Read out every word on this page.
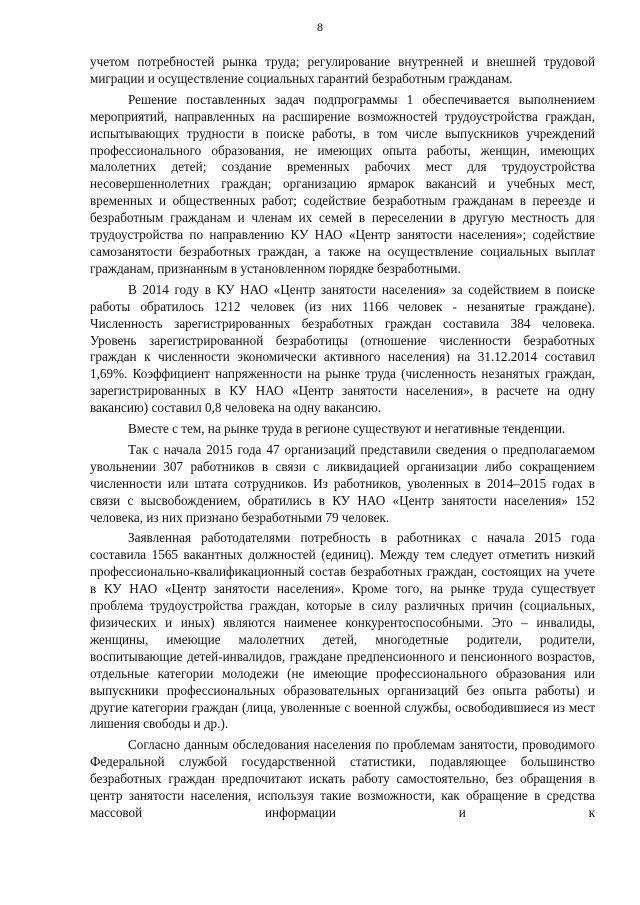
8

учетом потребностей рынка труда; регулирование внутренней и внешней трудовой миграции и осуществление социальных гарантий безработным гражданам.

Решение поставленных задач подпрограммы 1 обеспечивается выполнением мероприятий, направленных на расширение возможностей трудоустройства граждан, испытывающих трудности в поиске работы, в том числе выпускников учреждений профессионального образования, не имеющих опыта работы, женщин, имеющих малолетних детей; создание временных рабочих мест для трудоустройства несовершеннолетних граждан; организацию ярмарок вакансий и учебных мест, временных и общественных работ; содействие безработным гражданам в переезде и безработным гражданам и членам их семей в переселении в другую местность для трудоустройства по направлению КУ НАО «Центр занятости населения»; содействие самозанятости безработных граждан, а также на осуществление социальных выплат гражданам, признанным в установленном порядке безработными.

В 2014 году в КУ НАО «Центр занятости населения» за содействием в поиске работы обратилось 1212 человек (из них 1166 человек - незанятые граждане). Численность зарегистрированных безработных граждан составила 384 человека. Уровень зарегистрированной безработицы (отношение численности безработных граждан к численности экономически активного населения) на 31.12.2014 составил 1,69%. Коэффициент напряженности на рынке труда (численность незанятых граждан, зарегистрированных в КУ НАО «Центр занятости населения», в расчете на одну вакансию) составил 0,8 человека на одну вакансию.

Вместе с тем, на рынке труда в регионе существуют и негативные тенденции.

Так с начала 2015 года 47 организаций представили сведения о предполагаемом увольнении 307 работников в связи с ликвидацией организации либо сокращением численности или штата сотрудников. Из работников, уволенных в 2014–2015 годах в связи с высвобождением, обратились в КУ НАО «Центр занятости населения» 152 человека, из них признано безработными 79 человек.

Заявленная работодателями потребность в работниках с начала 2015 года составила 1565 вакантных должностей (единиц). Между тем следует отметить низкий профессионально-квалификационный состав безработных граждан, состоящих на учете в КУ НАО «Центр занятости населения». Кроме того, на рынке труда существует проблема трудоустройства граждан, которые в силу различных причин (социальных, физических и иных) являются наименее конкурентоспособными. Это – инвалиды, женщины, имеющие малолетних детей, многодетные родители, родители, воспитывающие детей-инвалидов, граждане предпенсионного и пенсионного возрастов, отдельные категории молодежи (не имеющие профессионального образования или выпускники профессиональных образовательных организаций без опыта работы) и другие категории граждан (лица, уволенные с военной службы, освободившиеся из мест лишения свободы и др.).

Согласно данным обследования населения по проблемам занятости, проводимого Федеральной службой государственной статистики, подавляющее большинство безработных граждан предпочитают искать работу самостоятельно, без обращения в центр занятости населения, используя такие возможности, как обращение в средства массовой информации и к
